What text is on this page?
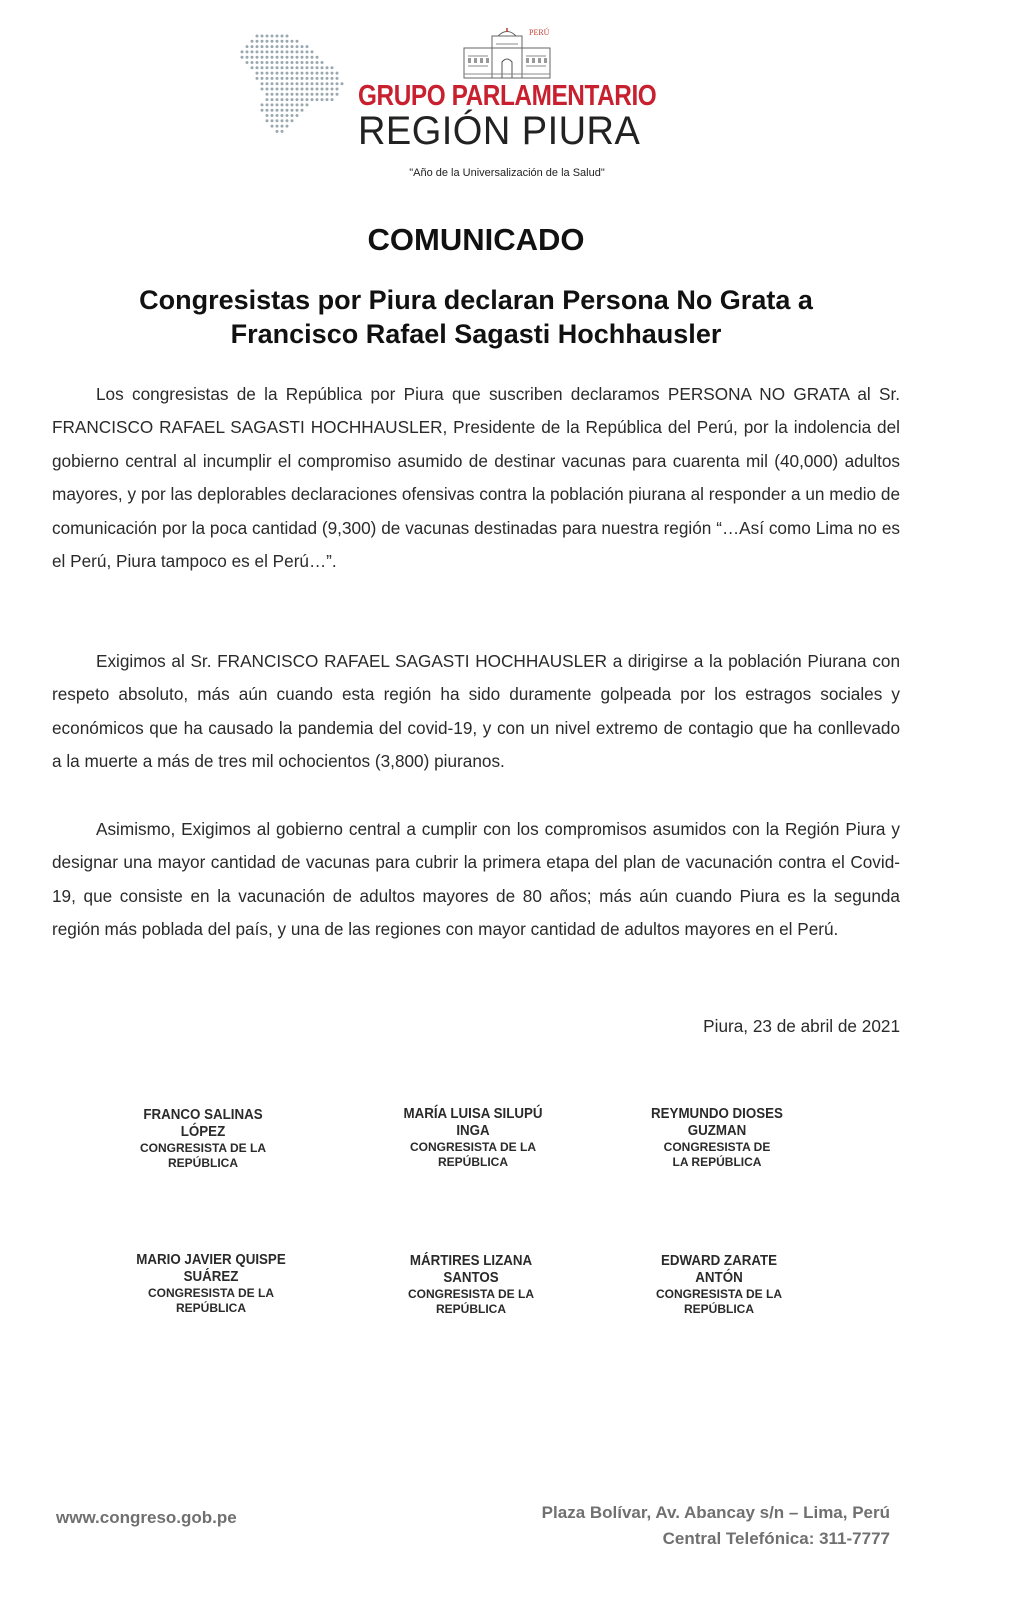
PERÚ
GRUPO PARLAMENTARIO
REGIÓN PIURA
"Año de la Universalización de la Salud"
COMUNICADO
Congresistas por Piura declaran Persona No Grata a
Francisco Rafael Sagasti Hochhausler

Los congresistas de la República por Piura que suscriben declaramos PERSONA NO GRATA al Sr. FRANCISCO RAFAEL SAGASTI HOCHHAUSLER, Presidente de la República del Perú, por la indolencia del gobierno central al incumplir el compromiso asumido de destinar vacunas para cuarenta mil (40,000) adultos mayores, y por las deplorables declaraciones ofensivas contra la población piurana al responder a un medio de comunicación por la poca cantidad (9,300) de vacunas destinadas para nuestra región “…Así como Lima no es el Perú, Piura tampoco es el Perú…”.

Exigimos al Sr. FRANCISCO RAFAEL SAGASTI HOCHHAUSLER a dirigirse a la población Piurana con respeto absoluto, más aún cuando esta región ha sido duramente golpeada por los estragos sociales y económicos que ha causado la pandemia del covid-19, y con un nivel extremo de contagio que ha conllevado a la muerte a más de tres mil ochocientos (3,800) piuranos.

Asimismo, Exigimos al gobierno central a cumplir con los compromisos asumidos con la Región Piura y designar una mayor cantidad de vacunas para cubrir la primera etapa del plan de vacunación contra el Covid-19, que consiste en la vacunación de adultos mayores de 80 años; más aún cuando Piura es la segunda región más poblada del país, y una de las regiones con mayor cantidad de adultos mayores en el Perú.

Piura, 23 de abril de 2021
FRANCO SALINAS
LÓPEZ
CONGRESISTA DE LA
REPÚBLICA
MARÍA LUISA SILUPÚ
INGA
CONGRESISTA DE LA
REPÚBLICA
REYMUNDO DIOSES
GUZMAN
CONGRESISTA DE
LA REPÚBLICA
MARIO JAVIER QUISPE
SUÁREZ
CONGRESISTA DE LA
REPÚBLICA
MÁRTIRES LIZANA
SANTOS
CONGRESISTA DE LA
REPÚBLICA
EDWARD ZARATE
ANTÓN
CONGRESISTA DE LA
REPÚBLICA
www.congreso.gob.pe	Plaza Bolívar, Av. Abancay s/n – Lima, Perú
Central Telefónica: 311-7777
